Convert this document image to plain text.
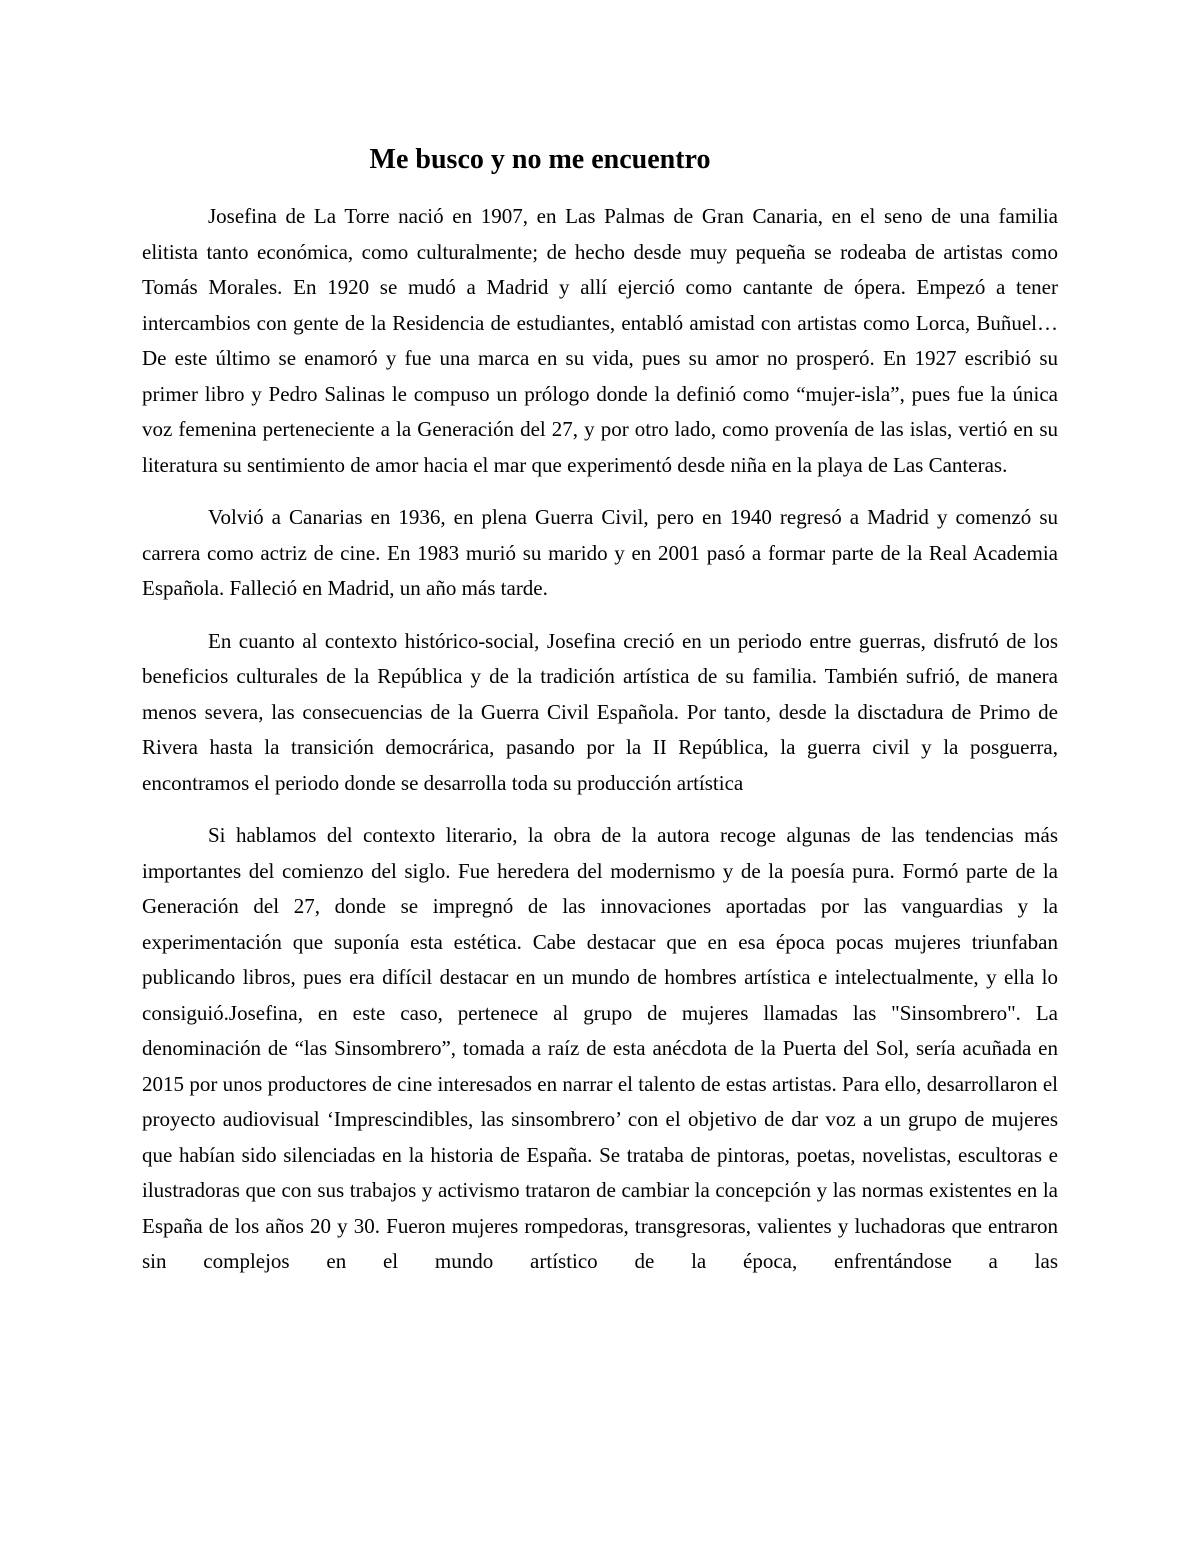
Me busco y no me encuentro

Josefina de La Torre nació en 1907, en Las Palmas de Gran Canaria, en el seno de una familia elitista tanto económica, como culturalmente; de hecho desde muy pequeña se rodeaba de artistas como Tomás Morales. En 1920 se mudó a Madrid y allí ejerció como cantante de ópera. Empezó a tener intercambios con gente de la Residencia de estudiantes, entabló amistad con artistas como Lorca, Buñuel… De este último se enamoró y fue una marca en su vida, pues su amor no prosperó. En 1927 escribió su primer libro y Pedro Salinas le compuso un prólogo donde la definió como “mujer-isla”, pues fue la única voz femenina perteneciente a la Generación del 27, y por otro lado, como provenía de las islas, vertió en su literatura su sentimiento de amor hacia el mar que experimentó desde niña en la playa de Las Canteras.

Volvió a Canarias en 1936, en plena Guerra Civil, pero en 1940 regresó a Madrid y comenzó su carrera como actriz de cine. En 1983 murió su marido y en 2001 pasó a formar parte de la Real Academia Española. Falleció en Madrid, un año más tarde.

En cuanto al contexto histórico-social, Josefina creció en un periodo entre guerras, disfrutó de los beneficios culturales de la República y de la tradición artística de su familia. También sufrió, de manera menos severa, las consecuencias de la Guerra Civil Española. Por tanto, desde la disctadura de Primo de Rivera hasta la transición democrárica, pasando por la II República, la guerra civil y la posguerra, encontramos el periodo donde se desarrolla toda su producción artística

Si hablamos del contexto literario, la obra de la autora recoge algunas de las tendencias más importantes del comienzo del siglo. Fue heredera del modernismo y de la poesía pura. Formó parte de la Generación del 27, donde se impregnó de las innovaciones aportadas por las vanguardias y la experimentación que suponía esta estética. Cabe destacar que en esa época pocas mujeres triunfaban publicando libros, pues era difícil destacar en un mundo de hombres artística e intelectualmente, y ella lo consiguió.Josefina, en este caso, pertenece al grupo de mujeres llamadas las "Sinsombrero". La denominación de “las Sinsombrero”, tomada a raíz de esta anécdota de la Puerta del Sol, sería acuñada en 2015 por unos productores de cine interesados en narrar el talento de estas artistas. Para ello, desarrollaron el proyecto audiovisual ‘Imprescindibles, las sinsombrero’ con el objetivo de dar voz a un grupo de mujeres que habían sido silenciadas en la historia de España. Se trataba de pintoras, poetas, novelistas, escultoras e ilustradoras que con sus trabajos y activismo trataron de cambiar la concepción y las normas existentes en la España de los años 20 y 30. Fueron mujeres rompedoras, transgresoras, valientes y luchadoras que entraron sin complejos en el mundo artístico de la época, enfrentándose a las
